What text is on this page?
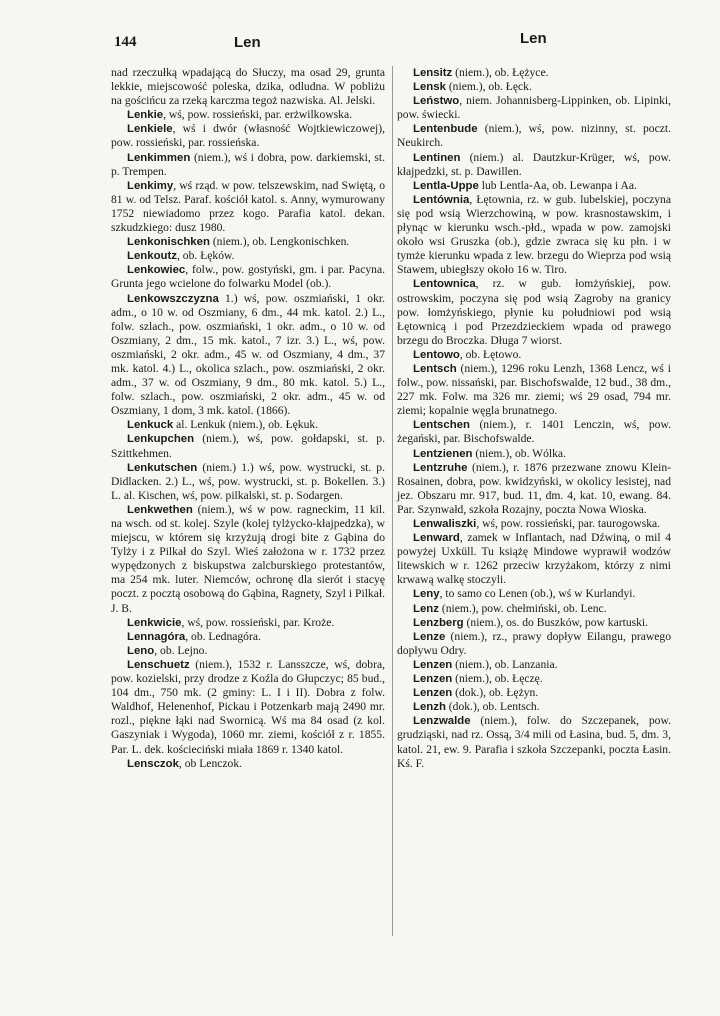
144	Len	Len

nad rzeczułką wpadającą do Słuczy, ma osad 29, grunta lekkie, miejscowość poleska, dzika, odludna. W pobliżu na gościńcu za rzeką karczma tegoż nazwiska. Al. Jelski.

Lenkie, wś, pow. rossieński, par. erżwilkowska.

Lenkiele, wś i dwór (własność Wojtkiewiczowej), pow. rossieński, par. rossieńska.

Lenkimmen (niem.), wś i dobra, pow. darkiemski, st. p. Trempen.

Lenkimy, wś rząd. w pow. telszewskim, nad Swiętą, o 81 w. od Telsz. Paraf. kościół katol. s. Anny, wymurowany 1752 niewiadomo przez kogo. Parafia katol. dekan. szkudzkiego: dusz 1980.

Lenkonischken (niem.), ob. Lengkonischken.

Lenkoutz, ob. Łęków.

Lenkowiec, folw., pow. gostyński, gm. i par. Pacyna. Grunta jego wcielone do folwarku Model (ob.).

Lenkowszczyzna 1.) wś, pow. oszmiański, 1 okr. adm., o 10 w. od Oszmiany, 6 dm., 44 mk. katol. 2.) L., folw. szlach., pow. oszmiański, 1 okr. adm., o 10 w. od Oszmiany, 2 dm., 15 mk. katol., 7 izr. 3.) L., wś, pow. oszmiański, 2 okr. adm., 45 w. od Oszmiany, 4 dm., 37 mk. katol. 4.) L., okolica szlach., pow. oszmiański, 2 okr. adm., 37 w. od Oszmiany, 9 dm., 80 mk. katol. 5.) L., folw. szlach., pow. oszmiański, 2 okr. adm., 45 w. od Oszmiany, 1 dom, 3 mk. katol. (1866).

Lenkuck al. Lenkuk (niem.), ob. Łękuk.

Lenkupchen (niem.), wś, pow. gołdapski, st. p. Szittkehmen.

Lenkutschen (niem.) 1.) wś, pow. wystrucki, st. p. Didlacken. 2.) L., wś, pow. wystrucki, st. p. Bokellen. 3.) L. al. Kischen, wś, pow. pilkalski, st. p. Sodargen.

Lenkwethen (niem.), wś w pow. ragneckim, 11 kil. na wsch. od st. kolej. Szyle (kolej tylżycko-kłajpedzka), w miejscu, w którem się krzyżują drogi bite z Gąbina do Tylży i z Pilkał do Szyl. Wieś założona w r. 1732 przez wypędzonych z biskupstwa zalcburskiego protestantów, ma 254 mk. luter. Niemców, ochronę dla sierót i stacyę poczt. z pocztą osobową do Gąbina, Ragnety, Szyl i Pilkał. J. B.

Lenkwicie, wś, pow. rossieński, par. Kroże.

Lennagóra, ob. Lednagóra.

Leno, ob. Lejno.

Lenschuetz (niem.), 1532 r. Lansszcze, wś, dobra, pow. kozielski, przy drodze z Koźla do Głupczyc; 85 bud., 104 dm., 750 mk. (2 gminy: L. I i II). Dobra z folw. Waldhof, Helenenhof, Pickau i Potzenkarb mają 2490 mr. rozl., piękne łąki nad Swornicą. Wś ma 84 osad (z kol. Gaszyniak i Wygoda), 1060 mr. ziemi, kościół z r. 1855. Par. L. dek. kościeciński miała 1869 r. 1340 katol.

Lensczok, ob Lenczok.

Lensitz (niem.), ob. Łężyce.

Lensk (niem.), ob. Łęck.

Leństwo, niem. Johannisberg-Lippinken, ob. Lipinki, pow. świecki.

Lentenbude (niem.), wś, pow. nizinny, st. poczt. Neukirch.

Lentinen (niem.) al. Dautzkur-Krüger, wś, pow. kłajpedzki, st. p. Dawillen.

Lentla-Uppe lub Lentla-Aa, ob. Lewanpa i Aa.

Lentównia, Łętownia, rz. w gub. lubelskiej, poczyna się pod wsią Wierzchowiną, w pow. krasnostawskim, i płynąc w kierunku wsch.-płd., wpada w pow. zamojski około wsi Gruszka (ob.), gdzie zwraca się ku płn. i w tymże kierunku wpada z lew. brzegu do Wieprza pod wsią Stawem, ubiegłszy około 16 w. Tiro.

Lentownica, rz. w gub. łomżyńskiej, pow. ostrowskim, poczyna się pod wsią Zagroby na granicy pow. łomżyńskiego, płynie ku południowi pod wsią Łętownicą i pod Przezdzieckiem wpada od prawego brzegu do Broczka. Długa 7 wiorst.

Lentowo, ob. Łętowo.

Lentsch (niem.), 1296 roku Lenzh, 1368 Lencz, wś i folw., pow. nissański, par. Bischofswalde, 12 bud., 38 dm., 227 mk. Folw. ma 326 mr. ziemi; wś 29 osad, 794 mr. ziemi; kopalnie węgla brunatnego.

Lentschen (niem.), r. 1401 Lenczin, wś, pow. żegański, par. Bischofswalde.

Lentzienen (niem.), ob. Wólka.

Lentzruhe (niem.), r. 1876 przezwane znowu Klein-Rosainen, dobra, pow. kwidzyński, w okolicy lesistej, nad jez. Obszaru mr. 917, bud. 11, dm. 4, kat. 10, ewang. 84. Par. Szynwałd, szkoła Rozajny, poczta Nowa Wioska.

Lenwaliszki, wś, pow. rossieński, par. taurogowska.

Lenward, zamek w Inflantach, nad Dźwiną, o mil 4 powyżej Uxküll. Tu książę Mindowe wyprawił wodzów litewskich w r. 1262 przeciw krzyżakom, którzy z nimi krwawą walkę stoczyli.

Leny, to samo co Lenen (ob.), wś w Kurlandyi.

Lenz (niem.), pow. chełmiński, ob. Lenc.

Lenzberg (niem.), os. do Buszków, pow kartuski.

Lenze (niem.), rz., prawy dopływ Eilangu, prawego dopływu Odry.

Lenzen (niem.), ob. Lanzania.

Lenzen (niem.), ob. Łęczę.

Lenzen (dok.), ob. Łężyn.

Lenzh (dok.), ob. Lentsch.

Lenzwalde (niem.), folw. do Szczepanek, pow. grudziąski, nad rz. Ossą, 3/4 mili od Łasina, bud. 5, dm. 3, katol. 21, ew. 9. Parafia i szkoła Szczepanki, poczta Łasin. Kś. F.
